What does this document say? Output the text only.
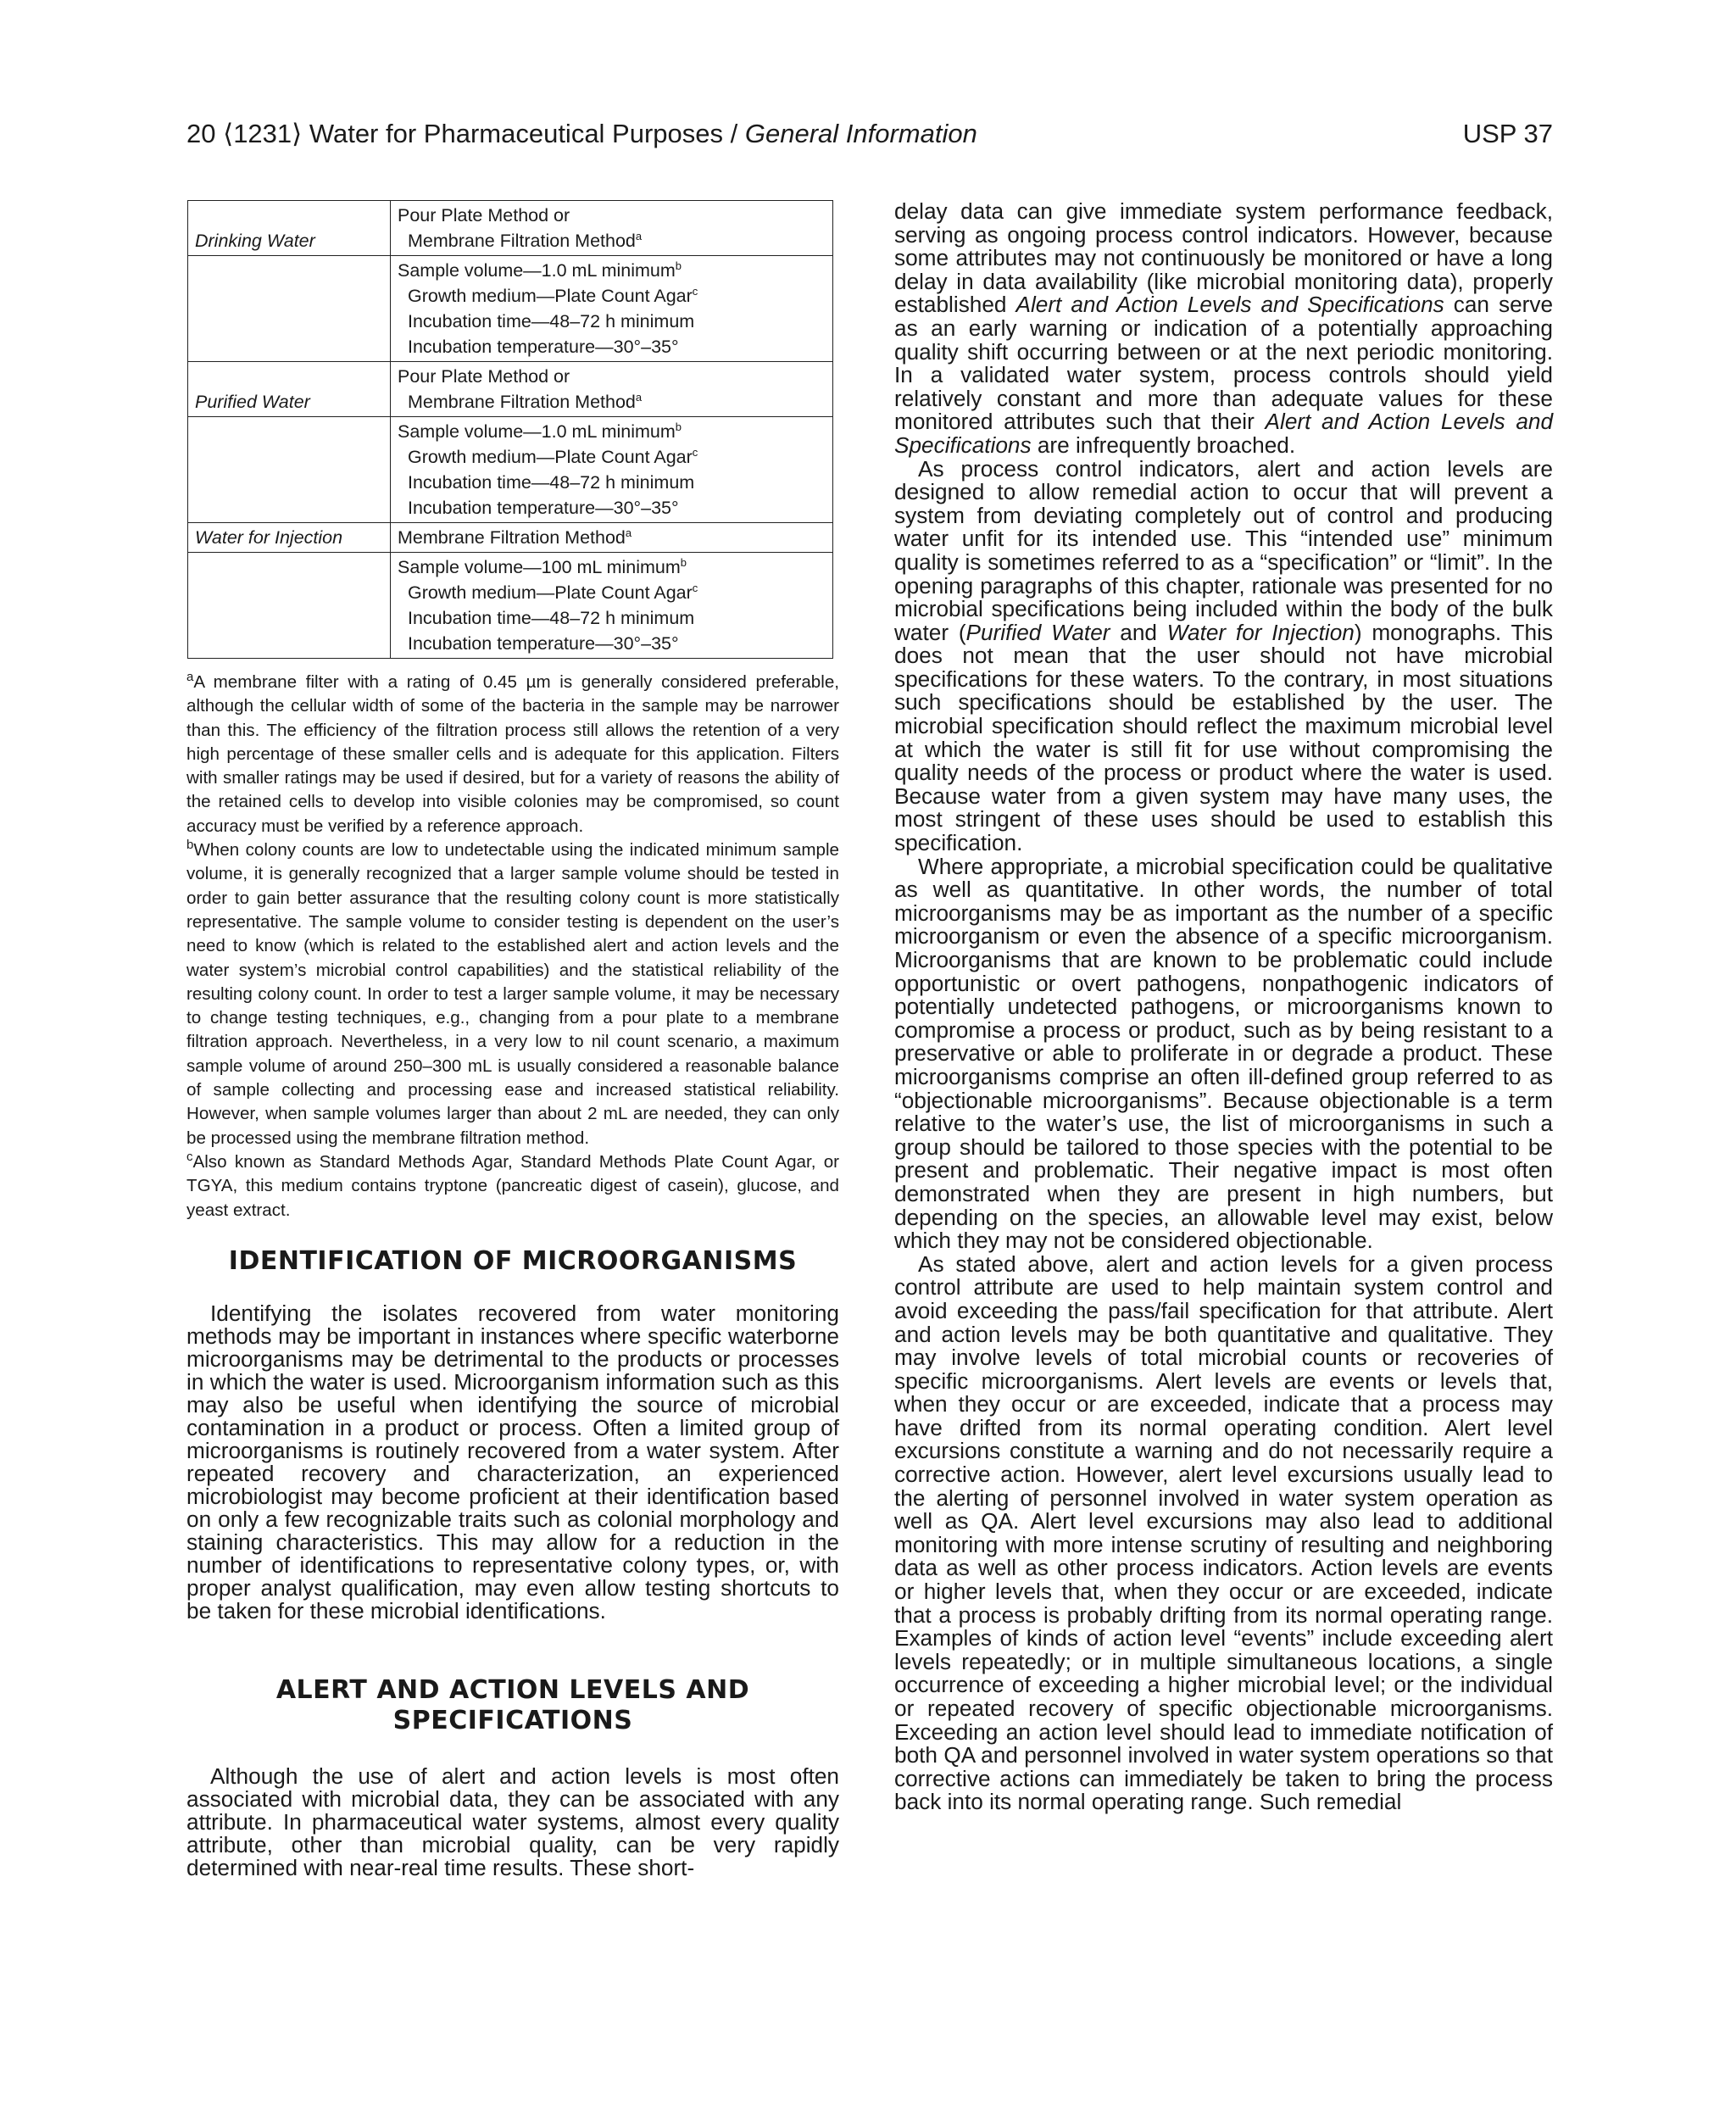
20 ⟨1231⟩ Water for Pharmaceutical Purposes / General Information	USP 37
Drinking Water	Pour Plate Method or
Membrane Filtration Method$^a$

	Sample volume—1.0 mL minimum$^b$
Growth medium—Plate Count Agar$^c$
Incubation time—48–72 h minimum
Incubation temperature—30°–35°

Purified Water	Pour Plate Method or
Membrane Filtration Method$^a$

	Sample volume—1.0 mL minimum$^b$
Growth medium—Plate Count Agar$^c$
Incubation time—48–72 h minimum
Incubation temperature—30°–35°

Water for Injection	Membrane Filtration Method$^a$

	Sample volume—100 mL minimum$^b$
Growth medium—Plate Count Agar$^c$
Incubation time—48–72 h minimum
Incubation temperature—30°–35°

$^a$A membrane filter with a rating of 0.45 µm is generally considered preferable, although the cellular width of some of the bacteria in the sample may be narrower than this. The efficiency of the filtration process still allows the retention of a very high percentage of these smaller cells and is adequate for this application. Filters with smaller ratings may be used if desired, but for a variety of reasons the ability of the retained cells to develop into visible colonies may be compromised, so count accuracy must be verified by a reference approach.

$^b$When colony counts are low to undetectable using the indicated minimum sample volume, it is generally recognized that a larger sample volume should be tested in order to gain better assurance that the resulting colony count is more statistically representative. The sample volume to consider testing is dependent on the user’s need to know (which is related to the established alert and action levels and the water system’s microbial control capabilities) and the statistical reliability of the resulting colony count. In order to test a larger sample volume, it may be necessary to change testing techniques, e.g., changing from a pour plate to a membrane filtration approach. Nevertheless, in a very low to nil count scenario, a maximum sample volume of around 250–300 mL is usually considered a reasonable balance of sample collecting and processing ease and increased statistical reliability. However, when sample volumes larger than about 2 mL are needed, they can only be processed using the membrane filtration method.

$^c$Also known as Standard Methods Agar, Standard Methods Plate Count Agar, or TGYA, this medium contains tryptone (pancreatic digest of casein), glucose, and yeast extract.

IDENTIFICATION OF MICROORGANISMS

Identifying the isolates recovered from water monitoring methods may be important in instances where specific waterborne microorganisms may be detrimental to the products or processes in which the water is used. Microorganism information such as this may also be useful when identifying the source of microbial contamination in a product or process. Often a limited group of microorganisms is routinely recovered from a water system. After repeated recovery and characterization, an experienced microbiologist may become proficient at their identification based on only a few recognizable traits such as colonial morphology and staining characteristics. This may allow for a reduction in the number of identifications to representative colony types, or, with proper analyst qualification, may even allow testing shortcuts to be taken for these microbial identifications.

ALERT AND ACTION LEVELS AND
SPECIFICATIONS

Although the use of alert and action levels is most often associated with microbial data, they can be associated with any attribute. In pharmaceutical water systems, almost every quality attribute, other than microbial quality, can be very rapidly determined with near-real time results. These short-

delay data can give immediate system performance feedback, serving as ongoing process control indicators. However, because some attributes may not continuously be monitored or have a long delay in data availability (like microbial monitoring data), properly established Alert and Action Levels and Specifications can serve as an early warning or indication of a potentially approaching quality shift occurring between or at the next periodic monitoring. In a validated water system, process controls should yield relatively constant and more than adequate values for these monitored attributes such that their Alert and Action Levels and Specifications are infrequently broached.

As process control indicators, alert and action levels are designed to allow remedial action to occur that will prevent a system from deviating completely out of control and producing water unfit for its intended use. This “intended use” minimum quality is sometimes referred to as a “specification” or “limit”. In the opening paragraphs of this chapter, rationale was presented for no microbial specifications being included within the body of the bulk water (Purified Water and Water for Injection) monographs. This does not mean that the user should not have microbial specifications for these waters. To the contrary, in most situations such specifications should be established by the user. The microbial specification should reflect the maximum microbial level at which the water is still fit for use without compromising the quality needs of the process or product where the water is used. Because water from a given system may have many uses, the most stringent of these uses should be used to establish this specification.

Where appropriate, a microbial specification could be qualitative as well as quantitative. In other words, the number of total microorganisms may be as important as the number of a specific microorganism or even the absence of a specific microorganism. Microorganisms that are known to be problematic could include opportunistic or overt pathogens, nonpathogenic indicators of potentially undetected pathogens, or microorganisms known to compromise a process or product, such as by being resistant to a preservative or able to proliferate in or degrade a product. These microorganisms comprise an often ill-defined group referred to as “objectionable microorganisms”. Because objectionable is a term relative to the water’s use, the list of microorganisms in such a group should be tailored to those species with the potential to be present and problematic. Their negative impact is most often demonstrated when they are present in high numbers, but depending on the species, an allowable level may exist, below which they may not be considered objectionable.

As stated above, alert and action levels for a given process control attribute are used to help maintain system control and avoid exceeding the pass/fail specification for that attribute. Alert and action levels may be both quantitative and qualitative. They may involve levels of total microbial counts or recoveries of specific microorganisms. Alert levels are events or levels that, when they occur or are exceeded, indicate that a process may have drifted from its normal operating condition. Alert level excursions constitute a warning and do not necessarily require a corrective action. However, alert level excursions usually lead to the alerting of personnel involved in water system operation as well as QA. Alert level excursions may also lead to additional monitoring with more intense scrutiny of resulting and neighboring data as well as other process indicators. Action levels are events or higher levels that, when they occur or are exceeded, indicate that a process is probably drifting from its normal operating range. Examples of kinds of action level “events” include exceeding alert levels repeatedly; or in multiple simultaneous locations, a single occurrence of exceeding a higher microbial level; or the individual or repeated recovery of specific objectionable microorganisms. Exceeding an action level should lead to immediate notification of both QA and personnel involved in water system operations so that corrective actions can immediately be taken to bring the process back into its normal operating range. Such remedial
